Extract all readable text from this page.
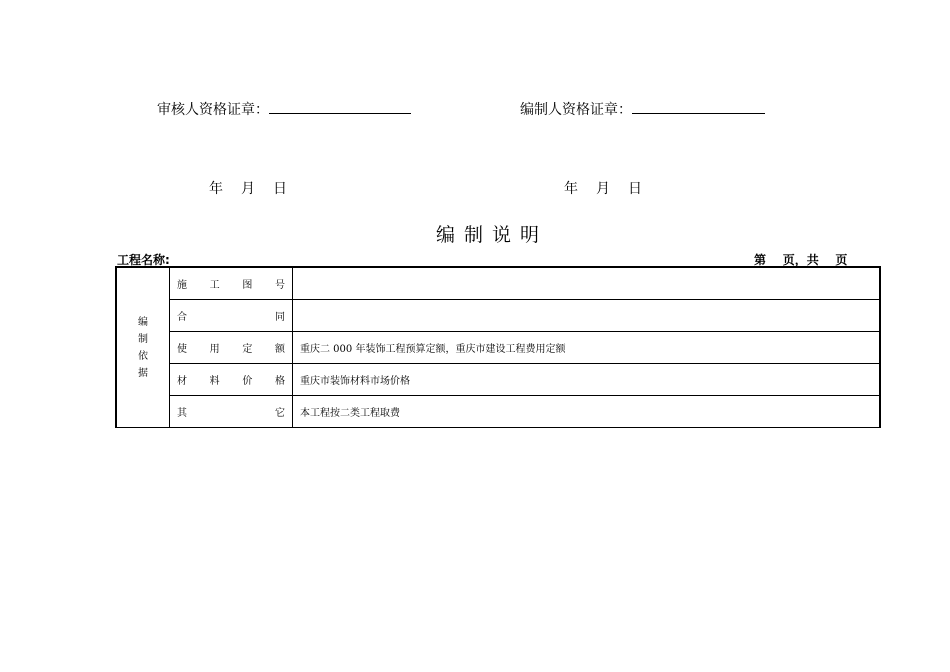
审核人资格证章：	编制人资格证章：
年 月 日	年 月 日
编制说明
工程名称:	第    页，共    页
编制依据	施 工 图 号	

	合 同	

	使 用 定 额	重庆二 000 年装饰工程预算定额，重庆市建设工程费用定额

	材 料 价 格	重庆市装饰材料市场价格

	其 它	本工程按二类工程取费
